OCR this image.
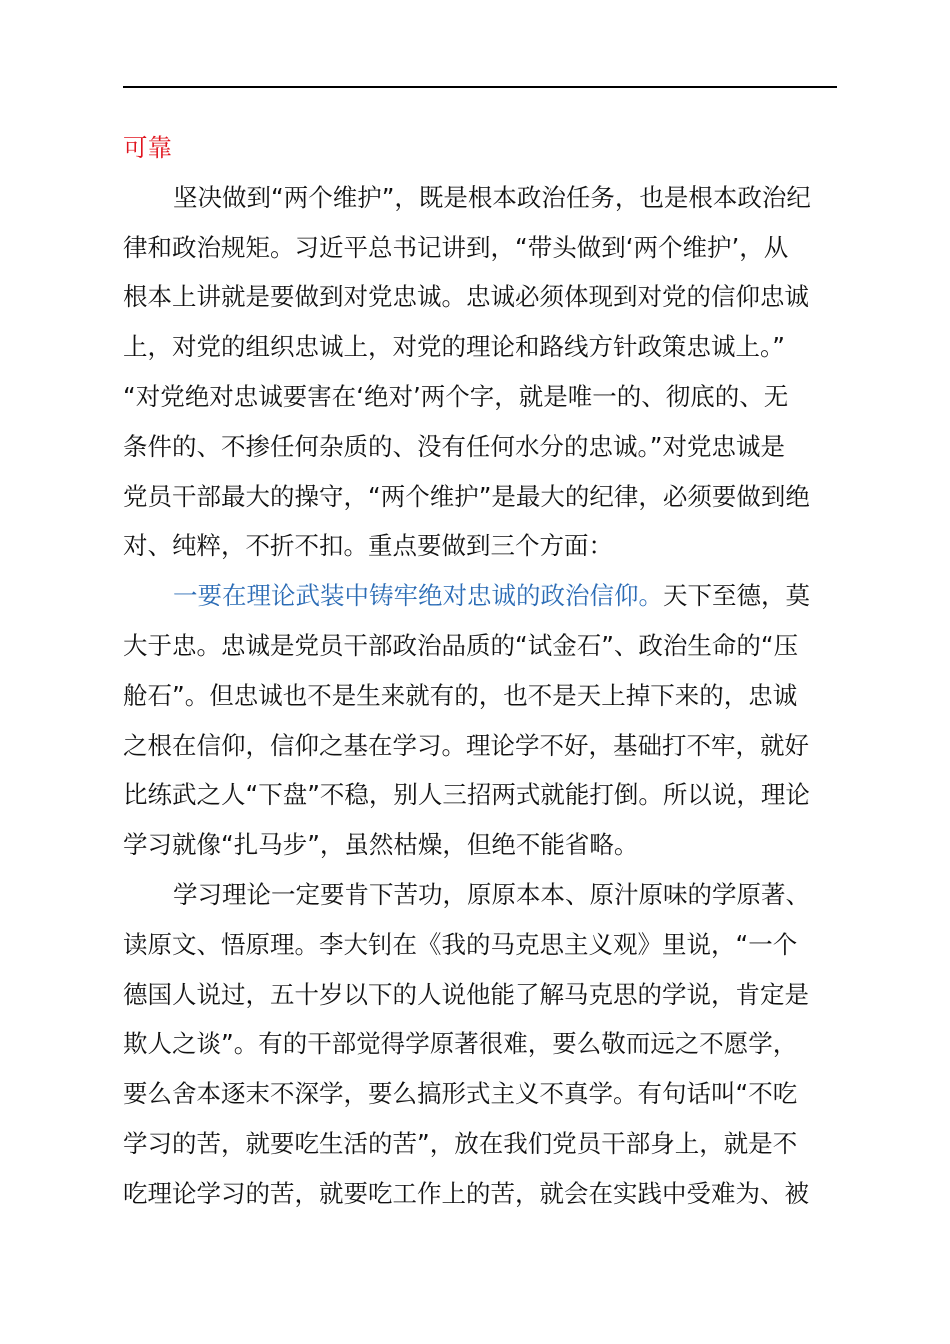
可靠
坚决做到“两个维护”，既是根本政治任务，也是根本政治纪
律和政治规矩。习近平总书记讲到，“带头做到‘两个维护’，从
根本上讲就是要做到对党忠诚。忠诚必须体现到对党的信仰忠诚
上，对党的组织忠诚上，对党的理论和路线方针政策忠诚上。”
“对党绝对忠诚要害在‘绝对’两个字，就是唯一的、彻底的、无
条件的、不掺任何杂质的、没有任何水分的忠诚。”对党忠诚是
党员干部最大的操守，“两个维护”是最大的纪律，必须要做到绝
对、纯粹，不折不扣。重点要做到三个方面：
一要在理论武装中铸牢绝对忠诚的政治信仰。天下至德，莫
大于忠。忠诚是党员干部政治品质的“试金石”、政治生命的“压
舱石”。但忠诚也不是生来就有的，也不是天上掉下来的，忠诚
之根在信仰，信仰之基在学习。理论学不好，基础打不牢，就好
比练武之人“下盘”不稳，别人三招两式就能打倒。所以说，理论
学习就像“扎马步”，虽然枯燥，但绝不能省略。
学习理论一定要肯下苦功，原原本本、原汁原味的学原著、
读原文、悟原理。李大钊在《我的马克思主义观》里说，“一个
德国人说过，五十岁以下的人说他能了解马克思的学说，肯定是
欺人之谈”。有的干部觉得学原著很难，要么敬而远之不愿学，
要么舍本逐末不深学，要么搞形式主义不真学。有句话叫“不吃
学习的苦，就要吃生活的苦”，放在我们党员干部身上，就是不
吃理论学习的苦，就要吃工作上的苦，就会在实践中受难为、被
